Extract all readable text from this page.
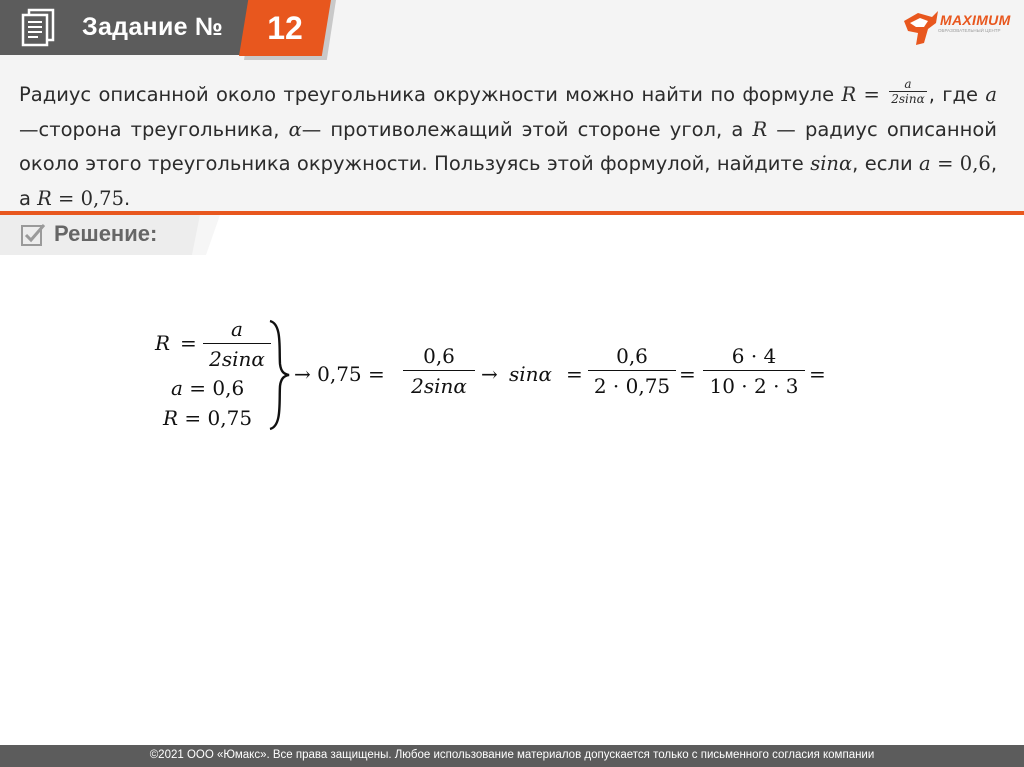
Задание №	12	MAXIMUM
ОБРАЗОВАТЕЛЬНЫЙ ЦЕНТР
Радиус описанной около треугольника окружности можно найти по формуле $R = \frac{a}{2\sin\alpha}$ , где a—сторона треугольника, α— противолежащий этой стороне угол, а R — радиус описанной около этого треугольника окружности. Пользуясь этой формулой, найдите sinα, если a = 0,6, а R = 0,75.
Решение:
R =
a
2sinα
a = 0,6
R = 0,75
→ 0,75 =
0,6
2sinα → sinα =
0,6
2 · 0,75 =
6 · 4
10 · 2 · 3 =
©2021 ООО «Юмакс». Все права защищены. Любое использование материалов допускается только с письменного согласия компании
